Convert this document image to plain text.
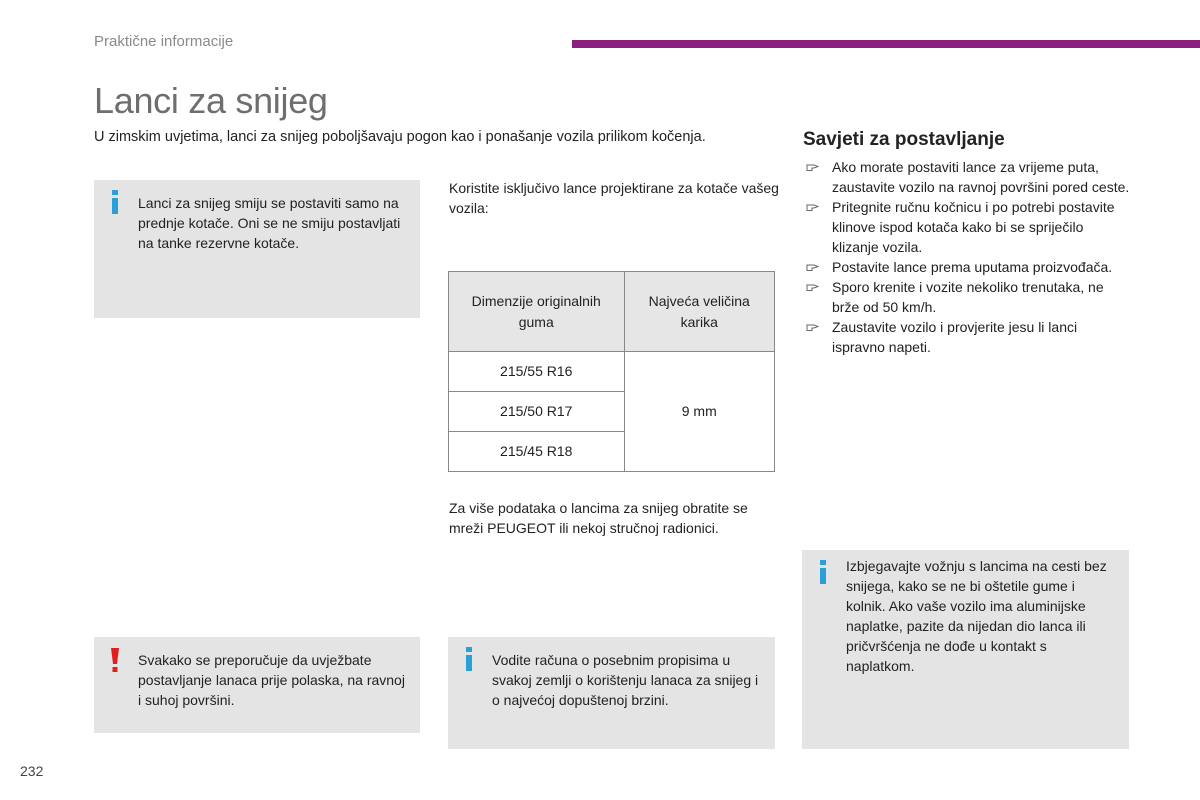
Praktične informacije
Lanci za snijeg

U zimskim uvjetima, lanci za snijeg poboljšavaju pogon kao i ponašanje vozila prilikom kočenja.

Lanci za snijeg smiju se postaviti samo na prednje kotače. Oni se ne smiju postavljati na tanke rezervne kotače.
Svakako se preporučuje da uvježbate postavljanje lanaca prije polaska, na ravnoj i suhoj površini.
Koristite isključivo lance projektirane za kotače vašeg vozila:
Dimenzije originalnih guma	Najveća veličina karika
215/55 R16	9 mm
215/50 R17	
215/45 R18	
Za više podataka o lancima za snijeg obratite se mreži PEUGEOT ili nekoj stručnoj radionici.
Vodite računa o posebnim propisima u svakoj zemlji o korištenju lanaca za snijeg i o najvećoj dopuštenoj brzini.
Savjeti za postavljanje
Ako morate postaviti lance za vrijeme puta, zaustavite vozilo na ravnoj površini pored ceste.
Pritegnite ručnu kočnicu i po potrebi postavite klinove ispod kotača kako bi se spriječilo klizanje vozila.
Postavite lance prema uputama proizvođača.
Sporo krenite i vozite nekoliko trenutaka, ne brže od 50 km/h.
Zaustavite vozilo i provjerite jesu li lanci ispravno napeti.
Izbjegavajte vožnju s lancima na cesti bez snijega, kako se ne bi oštetile gume i kolnik. Ako vaše vozilo ima aluminijske naplatke, pazite da nijedan dio lanca ili pričvršćenja ne dođe u kontakt s naplatkom.
232
